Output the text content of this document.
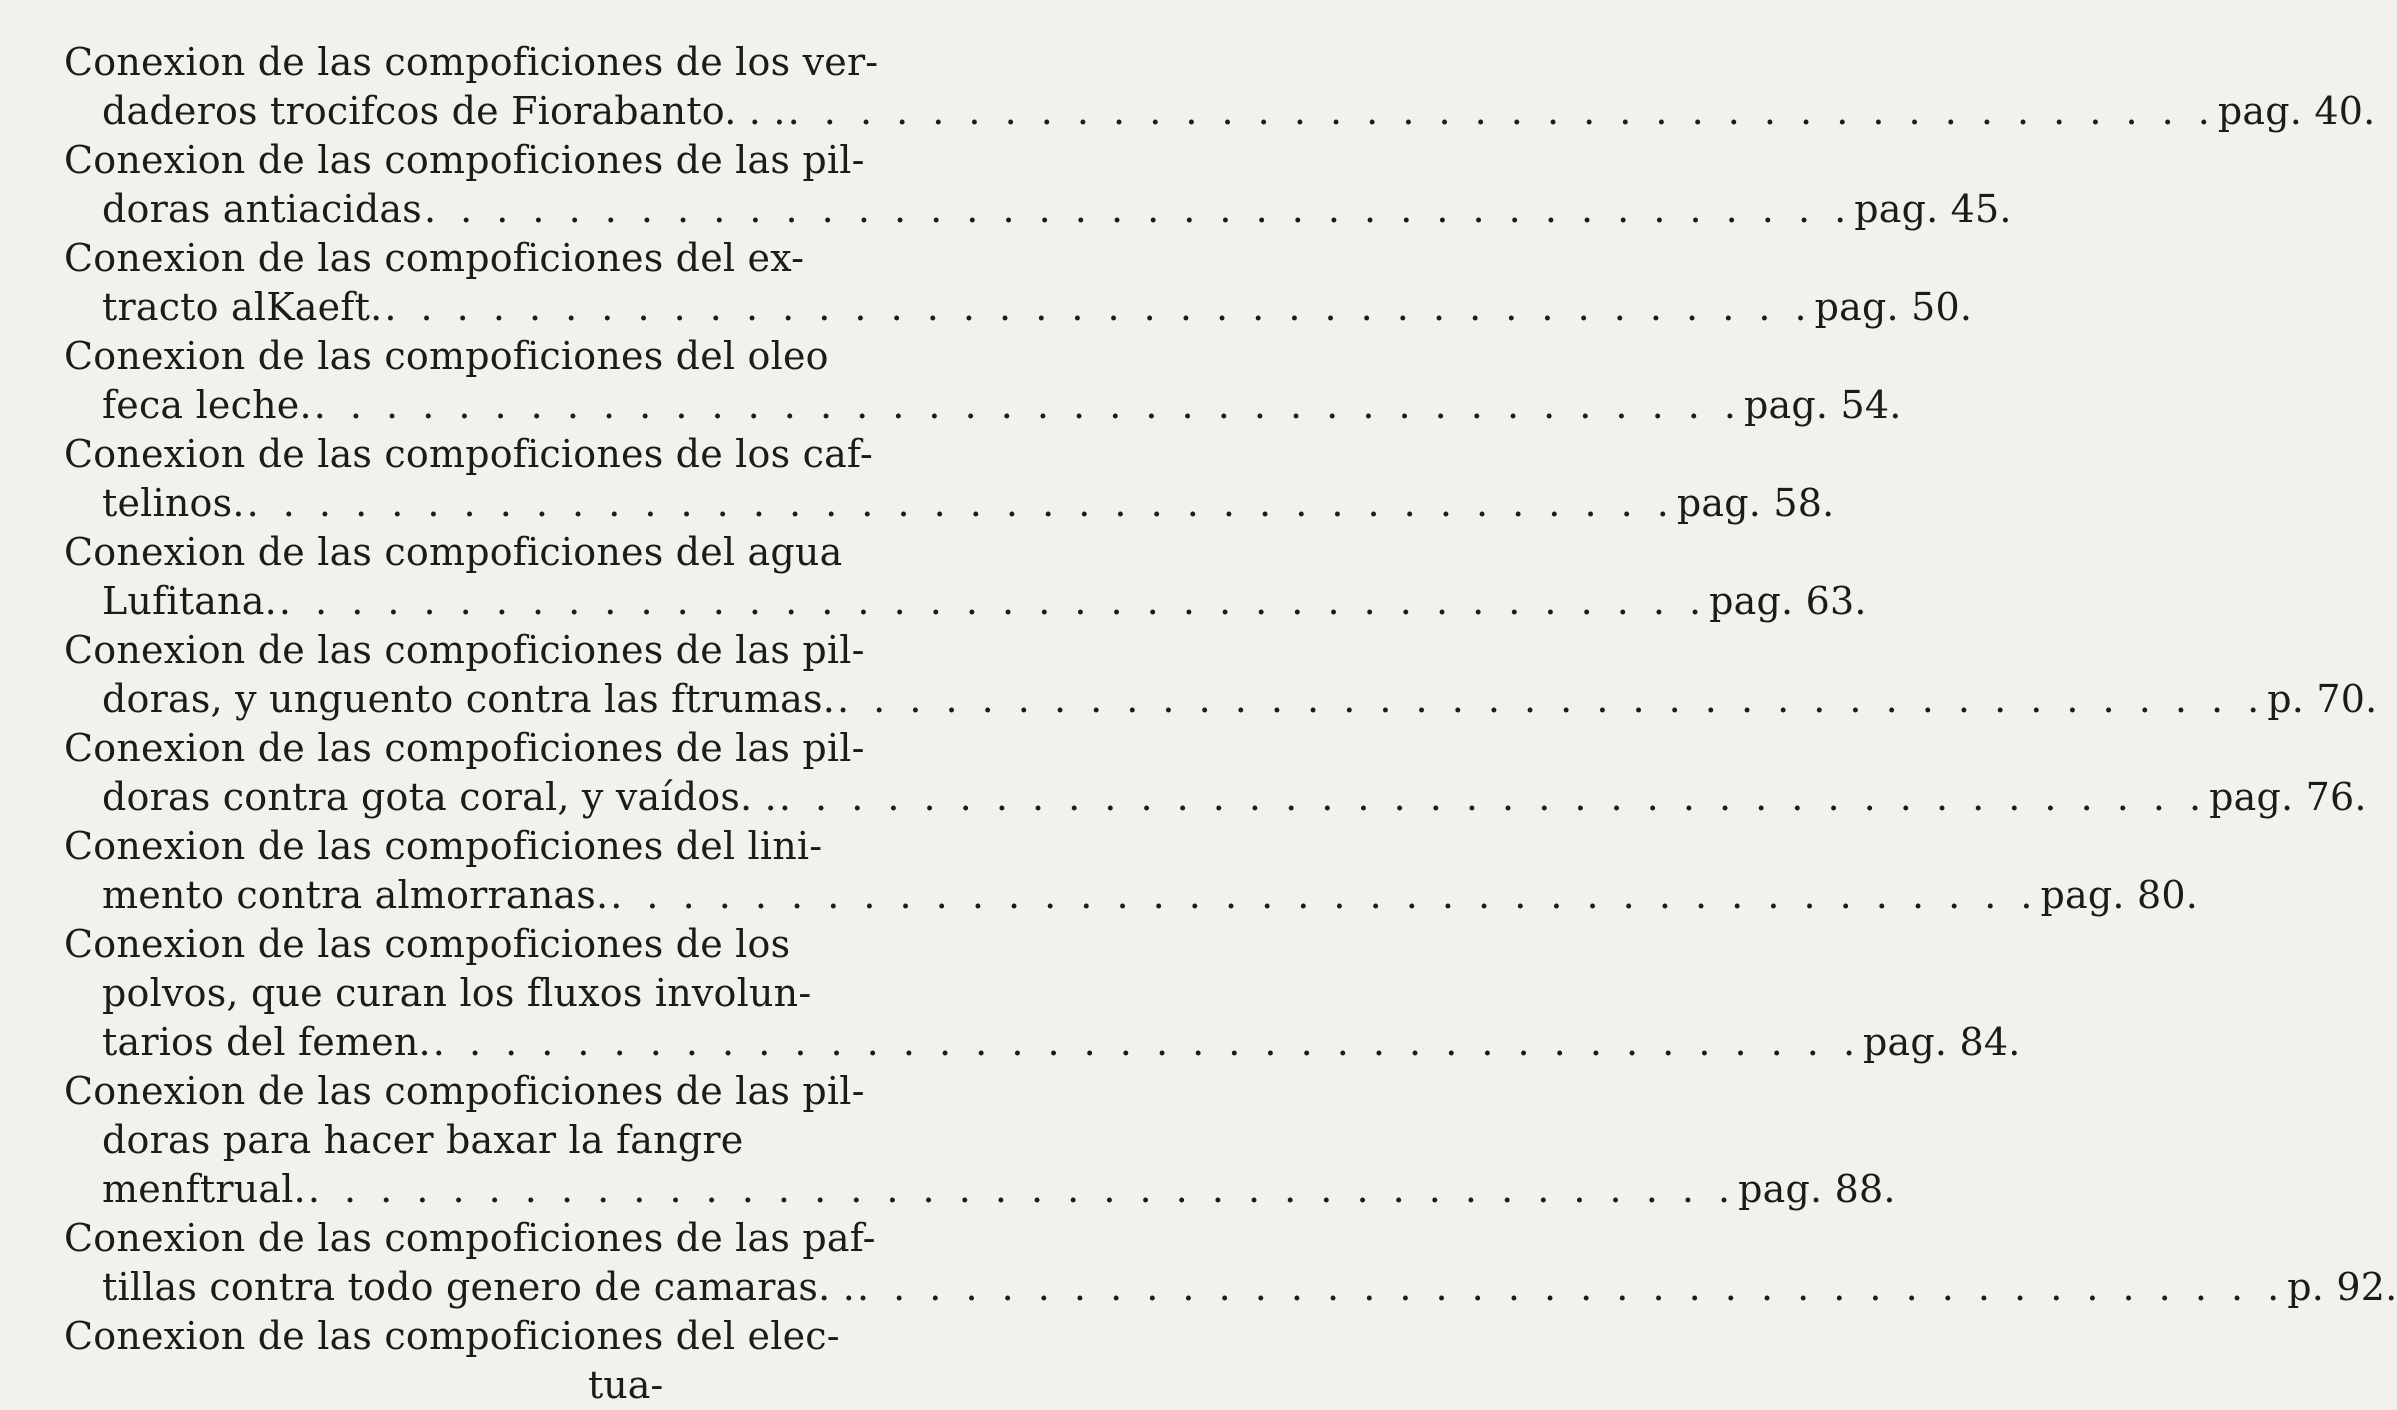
Conexion de las compoficiones de los ver-
daderos trocifcos de Fiorabanto. . . . . .	pag. 40.
Conexion de las compoficiones de las pil-
doras antiacidas . . .	pag. 45.
Conexion de las compoficiones del ex-
tracto alKaeft. . . .	pag. 50.
Conexion de las compoficiones del oleo
feca leche. . . .	pag. 54.
Conexion de las compoficiones de los caf-
telinos. . . .	pag. 58.
Conexion de las compoficiones del agua
Lufitana. . . .	pag. 63.
Conexion de las compoficiones de las pil-
doras, y unguento contra las ftrumas. . . .	p. 70.
Conexion de las compoficiones de las pil-
doras contra gota coral, y vaídos. . . . .	pag. 76.
Conexion de las compoficiones del lini-
mento contra almorranas. . . .	pag. 80.
Conexion de las compoficiones de los
polvos, que curan los fluxos involun-
tarios del femen. . . .	pag. 84.
Conexion de las compoficiones de las pil-
doras para hacer baxar la fangre
menftrual. . . .	pag. 88.
Conexion de las compoficiones de las paf-
tillas contra todo genero de camaras. . . . .	p. 92.
Conexion de las compoficiones del elec-
tua-
